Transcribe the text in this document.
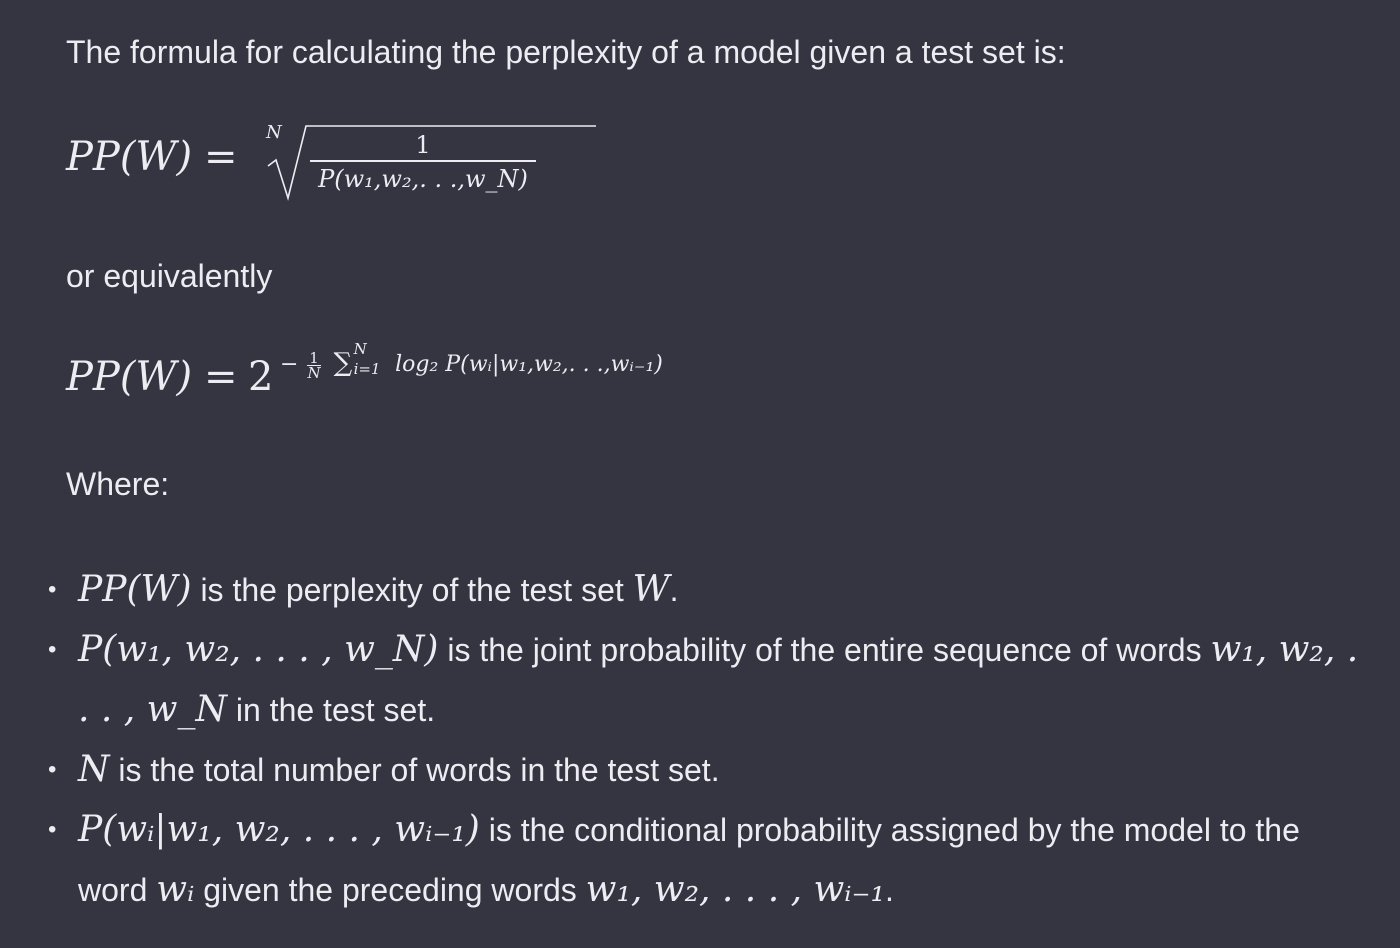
The formula for calculating the perplexity of a model given a test set is:
PP(W) =
N	1
P(w₁,w₂,. . .,w_N)
or equivalently
$PP(W) = 2 - \frac{1}{N}$ ∑ N
i=1 log₂ P(wᵢ|w₁,w₂,. . .,wᵢ₋₁)
Where:
• PP(W) is the perplexity of the test set W.
• P(w₁, w₂, . . . , w_N) is the joint probability of the entire sequence of words w₁, w₂, . . . , w_N in the test set.
• N is the total number of words in the test set.
• P(wᵢ|w₁, w₂, . . . , wᵢ₋₁) is the conditional probability assigned by the model to the word wᵢ given the preceding words w₁, w₂, . . . , wᵢ₋₁.
